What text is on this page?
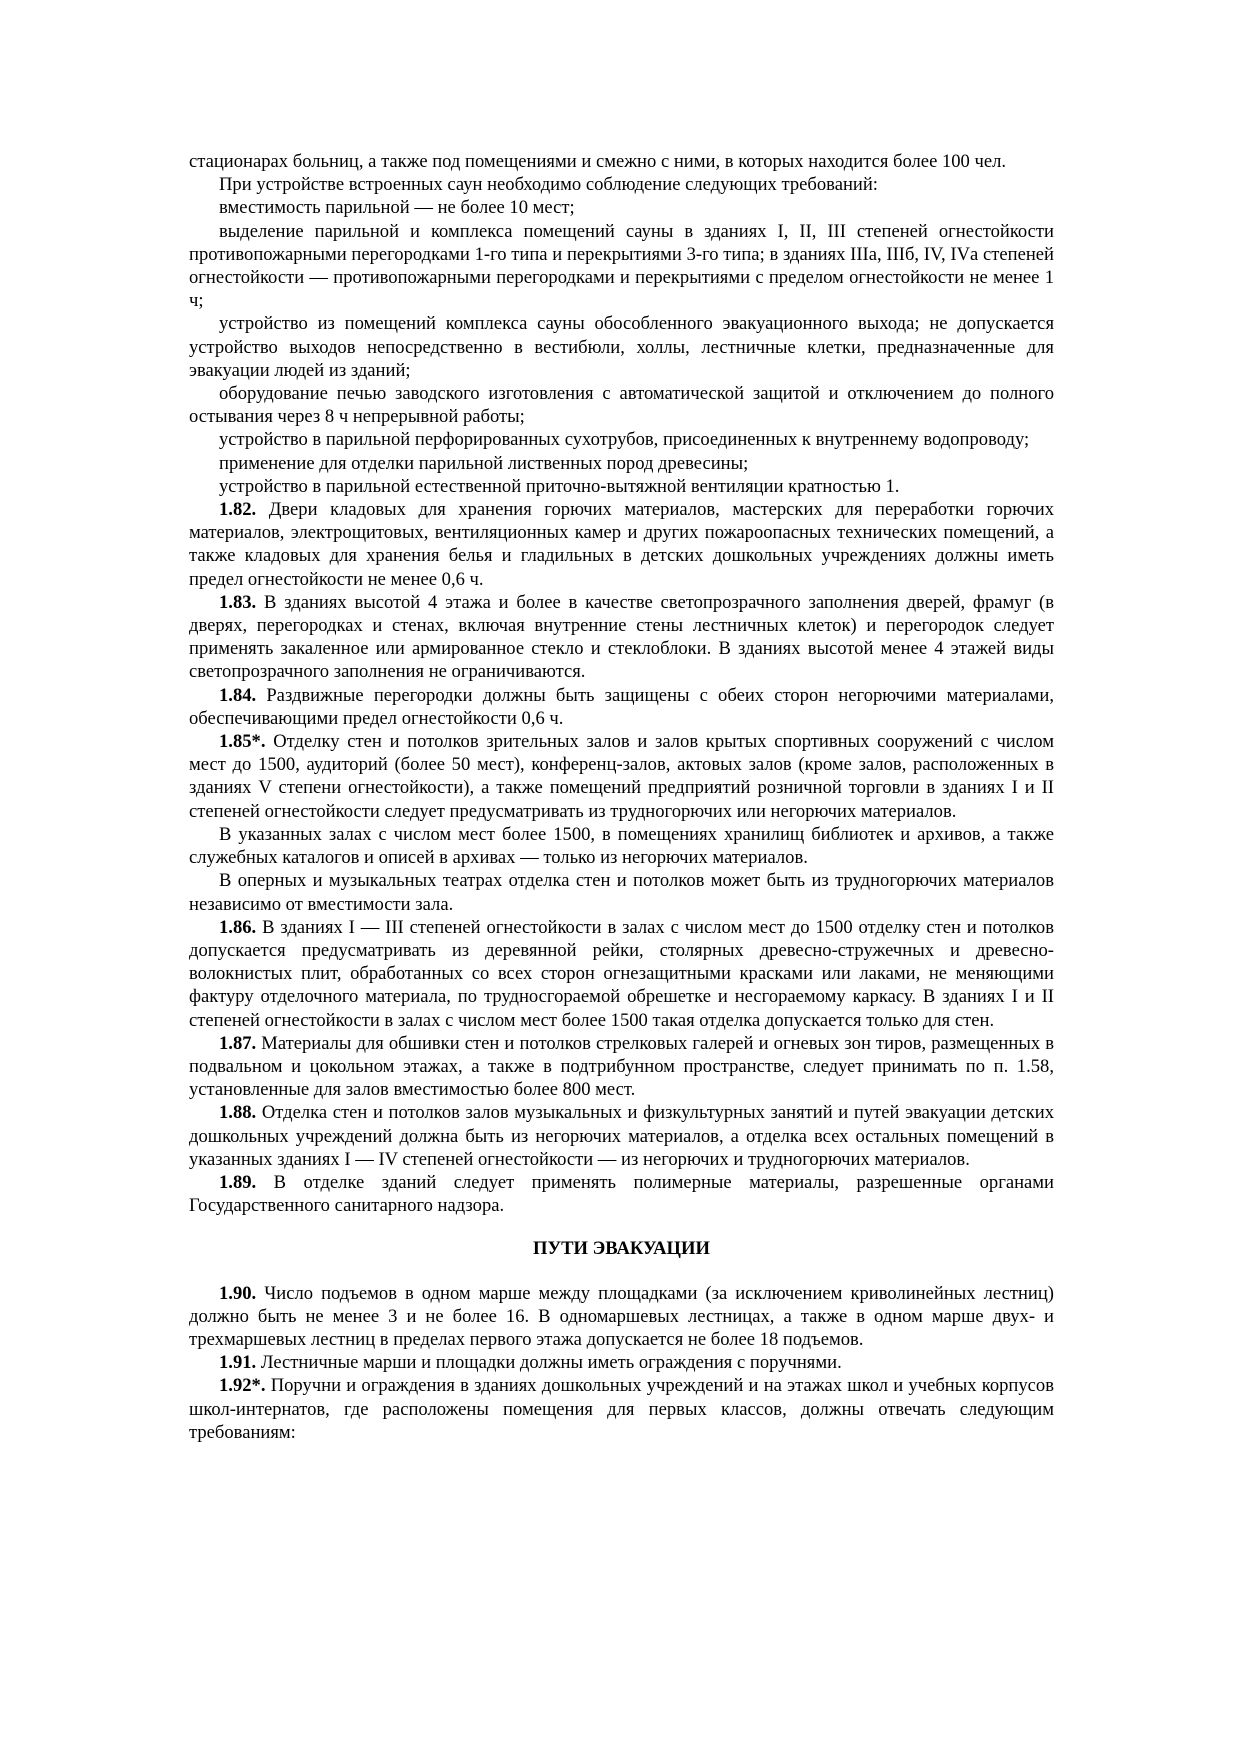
стационарах больниц, а также под помещениями и смежно с ними, в которых находится более 100 чел.

При устройстве встроенных саун необходимо соблюдение следующих требований:

вместимость парильной — не более 10 мест;

выделение парильной и комплекса помещений сауны в зданиях I, II, III степеней огнестойкости противопожарными перегородками 1-го типа и перекрытиями 3-го типа; в зданиях IIIа, IIIб, IV, IVа степеней огнестойкости — противопожарными перегородками и перекрытиями с пределом огнестойкости не менее 1 ч;

устройство из помещений комплекса сауны обособленного эвакуационного выхода; не допускается устройство выходов непосредственно в вестибюли, холлы, лестничные клетки, предназначенные для эвакуации людей из зданий;

оборудование печью заводского изготовления с автоматической защитой и отключением до полного остывания через 8 ч непрерывной работы;

устройство в парильной перфорированных сухотрубов, присоединенных к внутреннему водопроводу;

применение для отделки парильной лиственных пород древесины;

устройство в парильной естественной приточно-вытяжной вентиляции кратностью 1.

1.82. Двери кладовых для хранения горючих материалов, мастерских для переработки горючих материалов, электрощитовых, вентиляционных камер и других пожароопасных технических помещений, а также кладовых для хранения белья и гладильных в детских дошкольных учреждениях должны иметь предел огнестойкости не менее 0,6 ч.

1.83. В зданиях высотой 4 этажа и более в качестве светопрозрачного заполнения дверей, фрамуг (в дверях, перегородках и стенах, включая внутренние стены лестничных клеток) и перегородок следует применять закаленное или армированное стекло и стеклоблоки. В зданиях высотой менее 4 этажей виды светопрозрачного заполнения не ограничиваются.

1.84. Раздвижные перегородки должны быть защищены с обеих сторон негорючими материалами, обеспечивающими предел огнестойкости 0,6 ч.

1.85*. Отделку стен и потолков зрительных залов и залов крытых спортивных сооружений с числом мест до 1500, аудиторий (более 50 мест), конференц-залов, актовых залов (кроме залов, расположенных в зданиях V степени огнестойкости), а также помещений предприятий розничной торговли в зданиях I и II степеней огнестойкости следует предусматривать из трудногорючих или негорючих материалов.

В указанных залах с числом мест более 1500, в помещениях хранилищ библиотек и архивов, а также служебных каталогов и описей в архивах — только из негорючих материалов.

В оперных и музыкальных театрах отделка стен и потолков может быть из трудногорючих материалов независимо от вместимости зала.

1.86. В зданиях I — III степеней огнестойкости в залах с числом мест до 1500 отделку стен и потолков допускается предусматривать из деревянной рейки, столярных древесно-стружечных и древесно-волокнистых плит, обработанных со всех сторон огнезащитными красками или лаками, не меняющими фактуру отделочного материала, по трудносгораемой обрешетке и несгораемому каркасу. В зданиях I и II степеней огнестойкости в залах с числом мест более 1500 такая отделка допускается только для стен.

1.87. Материалы для обшивки стен и потолков стрелковых галерей и огневых зон тиров, размещенных в подвальном и цокольном этажах, а также в подтрибунном пространстве, следует принимать по п. 1.58, установленные для залов вместимостью более 800 мест.

1.88. Отделка стен и потолков залов музыкальных и физкультурных занятий и путей эвакуации детских дошкольных учреждений должна быть из негорючих материалов, а отделка всех остальных помещений в указанных зданиях I — IV степеней огнестойкости — из негорючих и трудногорючих материалов.

1.89. В отделке зданий следует применять полимерные материалы, разрешенные органами Государственного санитарного надзора.

ПУТИ ЭВАКУАЦИИ

1.90. Число подъемов в одном марше между площадками (за исключением криволинейных лестниц) должно быть не менее 3 и не более 16. В одномаршевых лестницах, а также в одном марше двух- и трехмаршевых лестниц в пределах первого этажа допускается не более 18 подъемов.

1.91. Лестничные марши и площадки должны иметь ограждения с поручнями.

1.92*. Поручни и ограждения в зданиях дошкольных учреждений и на этажах школ и учебных корпусов школ-интернатов, где расположены помещения для первых классов, должны отвечать следующим требованиям:
